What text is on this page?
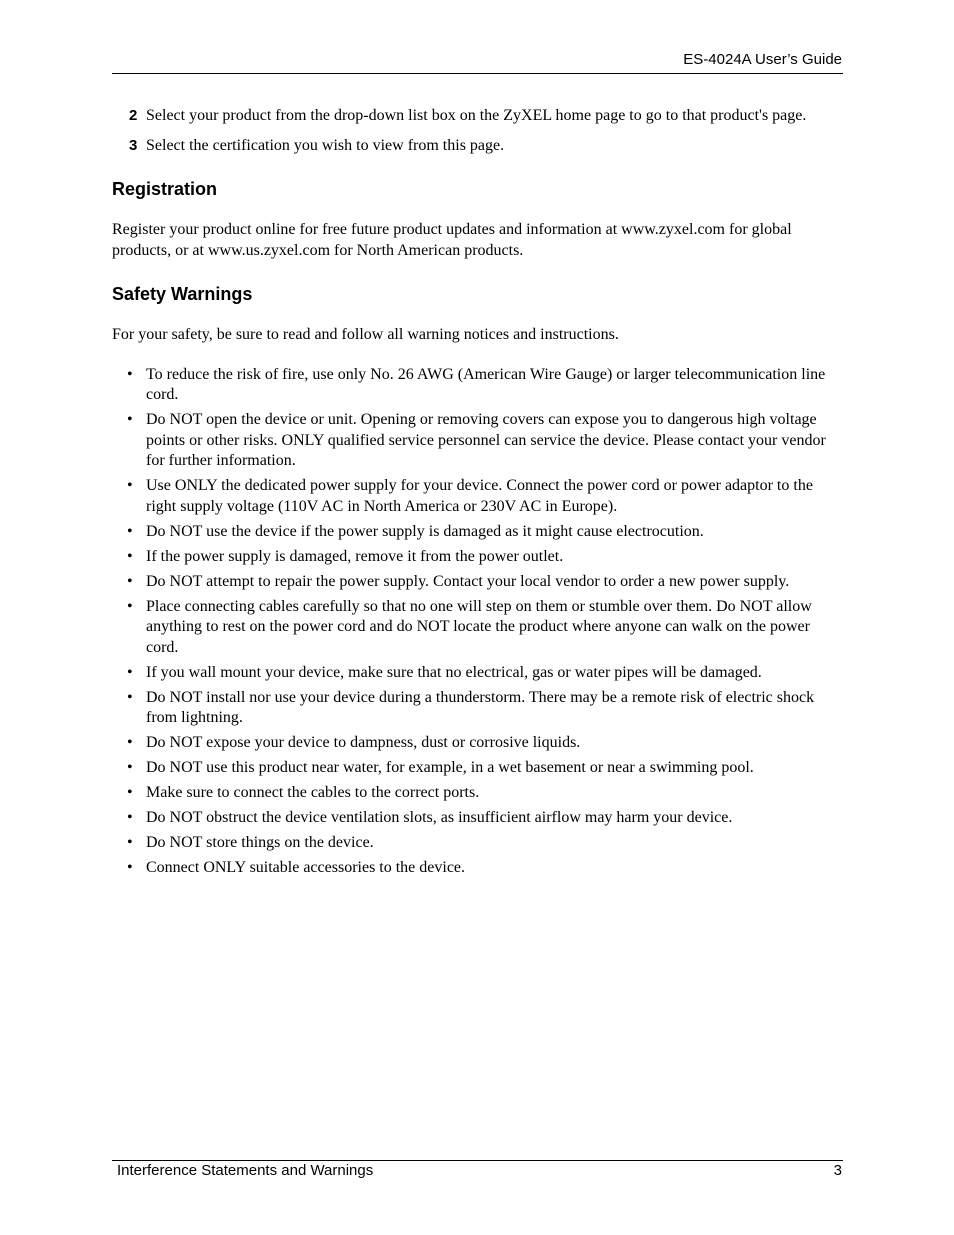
ES-4024A User’s Guide
2 Select your product from the drop-down list box on the ZyXEL home page to go to that product's page.
3 Select the certification you wish to view from this page.
Registration
Register your product online for free future product updates and information at www.zyxel.com for global products, or at www.us.zyxel.com for North American products.
Safety Warnings
For your safety, be sure to read and follow all warning notices and instructions.
• To reduce the risk of fire, use only No. 26 AWG (American Wire Gauge) or larger telecommunication line cord.
• Do NOT open the device or unit. Opening or removing covers can expose you to dangerous high voltage points or other risks. ONLY qualified service personnel can service the device. Please contact your vendor for further information.
• Use ONLY the dedicated power supply for your device. Connect the power cord or power adaptor to the right supply voltage (110V AC in North America or 230V AC in Europe).
• Do NOT use the device if the power supply is damaged as it might cause electrocution.
• If the power supply is damaged, remove it from the power outlet.
• Do NOT attempt to repair the power supply. Contact your local vendor to order a new power supply.
• Place connecting cables carefully so that no one will step on them or stumble over them. Do NOT allow anything to rest on the power cord and do NOT locate the product where anyone can walk on the power cord.
• If you wall mount your device, make sure that no electrical, gas or water pipes will be damaged.
• Do NOT install nor use your device during a thunderstorm. There may be a remote risk of electric shock from lightning.
• Do NOT expose your device to dampness, dust or corrosive liquids.
• Do NOT use this product near water, for example, in a wet basement or near a swimming pool.
• Make sure to connect the cables to the correct ports.
• Do NOT obstruct the device ventilation slots, as insufficient airflow may harm your device.
• Do NOT store things on the device.
• Connect ONLY suitable accessories to the device.
Interference Statements and Warnings	3
